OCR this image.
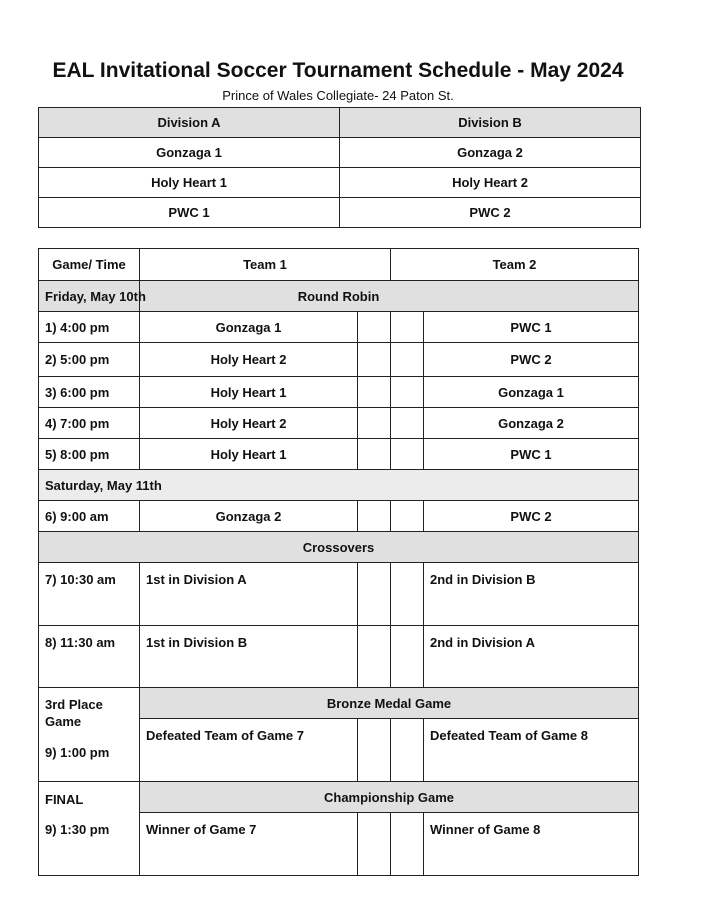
EAL Invitational Soccer Tournament Schedule - May 2024
Prince of Wales Collegiate- 24 Paton St.
Division A	Division B
Gonzaga 1	Gonzaga 2
Holy Heart 1	Holy Heart 2
PWC 1	PWC 2
Game/ Time	Team 1		Team 2	
Friday, May 10th	Round Robin			
1) 4:00 pm	Gonzaga 1			PWC 1
2) 5:00 pm	Holy Heart 2			PWC 2
3) 6:00 pm	Holy Heart 1			Gonzaga 1
4) 7:00 pm	Holy Heart 2			Gonzaga 2
5) 8:00 pm	Holy Heart 1			PWC 1
Saturday, May 11th				
6) 9:00 am	Gonzaga 2			PWC 2
Crossovers				
7) 10:30 am	1st in Division A			2nd in Division B
8) 11:30 am	1st in Division B			2nd in Division A

3rd Place
Game
9) 1:00 pm	Bronze Medal Game			
	Defeated Team of Game 7			Defeated Team of Game 8

FINAL
9) 1:30 pm	Championship Game			
	Winner of Game 7			Winner of Game 8
